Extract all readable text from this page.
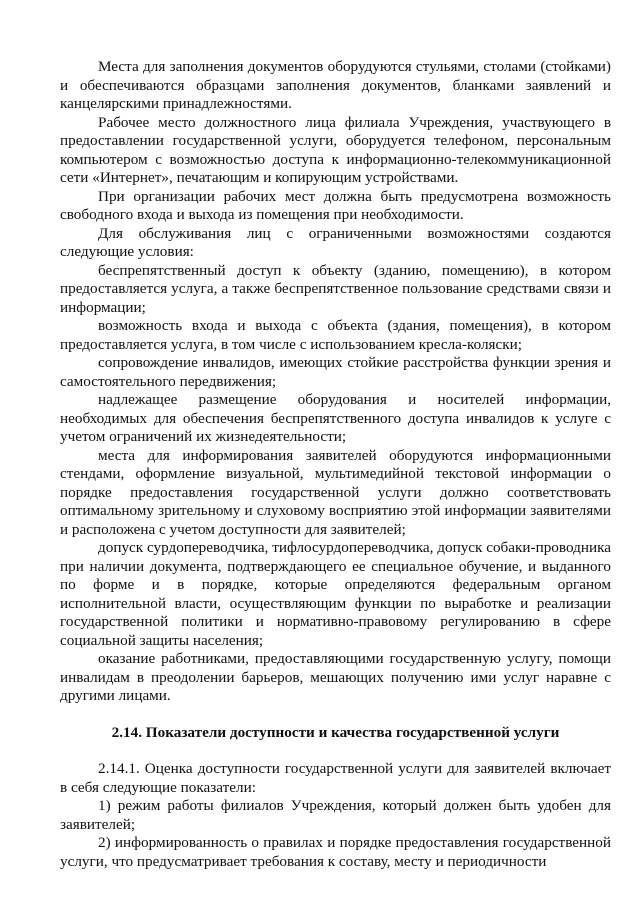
Места для заполнения документов оборудуются стульями, столами (стойками) и обеспечиваются образцами заполнения документов, бланками заявлений и канцелярскими принадлежностями.

Рабочее место должностного лица филиала Учреждения, участвующего в предоставлении государственной услуги, оборудуется телефоном, персональным компьютером с возможностью доступа к информационно-телекоммуникационной сети «Интернет», печатающим и копирующим устройствами.

При организации рабочих мест должна быть предусмотрена возможность свободного входа и выхода из помещения при необходимости.

Для обслуживания лиц с ограниченными возможностями создаются следующие условия:

беспрепятственный доступ к объекту (зданию, помещению), в котором предоставляется услуга, а также беспрепятственное пользование средствами связи и информации;

возможность входа и выхода с объекта (здания, помещения), в котором предоставляется услуга, в том числе с использованием кресла-коляски;

сопровождение инвалидов, имеющих стойкие расстройства функции зрения и самостоятельного передвижения;

надлежащее размещение оборудования и носителей информации, необходимых для обеспечения беспрепятственного доступа инвалидов к услуге с учетом ограничений их жизнедеятельности;

места для информирования заявителей оборудуются информационными стендами, оформление визуальной, мультимедийной текстовой информации о порядке предоставления государственной услуги должно соответствовать оптимальному зрительному и слуховому восприятию этой информации заявителями и расположена с учетом доступности для заявителей;

допуск сурдопереводчика, тифлосурдопереводчика, допуск собаки-проводника при наличии документа, подтверждающего ее специальное обучение, и выданного по форме и в порядке, которые определяются федеральным органом исполнительной власти, осуществляющим функции по выработке и реализации государственной политики и нормативно-правовому регулированию в сфере социальной защиты населения;

оказание работниками, предоставляющими государственную услугу, помощи инвалидам в преодолении барьеров, мешающих получению ими услуг наравне с другими лицами.

2.14. Показатели доступности и качества государственной услуги

2.14.1. Оценка доступности государственной услуги для заявителей включает в себя следующие показатели:

1) режим работы филиалов Учреждения, который должен быть удобен для заявителей;

2) информированность о правилах и порядке предоставления государственной услуги, что предусматривает требования к составу, месту и периодичности
